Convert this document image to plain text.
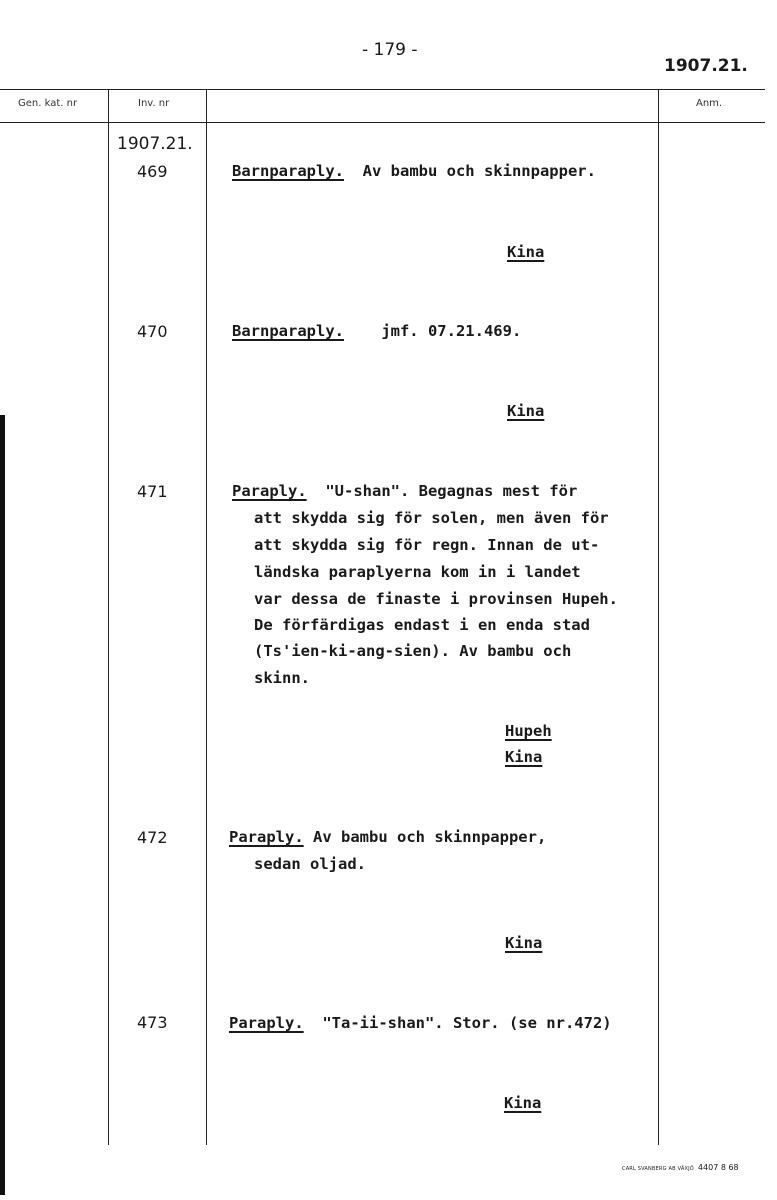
- 179 -
1907.21.
Gen. kat. nr	Inv. nr	Anm.
1907.21.
469	Barnparaply. Av bambu och skinnpapper.
Kina
470	Barnparaply. jmf. 07.21.469.
Kina
471	Paraply. "U-shan". Begagnas mest för
att skydda sig för solen, men även för
att skydda sig för regn. Innan de ut-
ländska paraplyerna kom in i landet
var dessa de finaste i provinsen Hupeh.
De förfärdigas endast i en enda stad
(Ts'ien-ki-ang-sien). Av bambu och
skinn.
Hupeh
Kina
472	Paraply. Av bambu och skinnpapper,
sedan oljad.
Kina
473	Paraply. "Ta-ii-shan". Stor. (se nr.472)
Kina
CARL SVANBERG AB VÄXJÖ 4407 8 68
